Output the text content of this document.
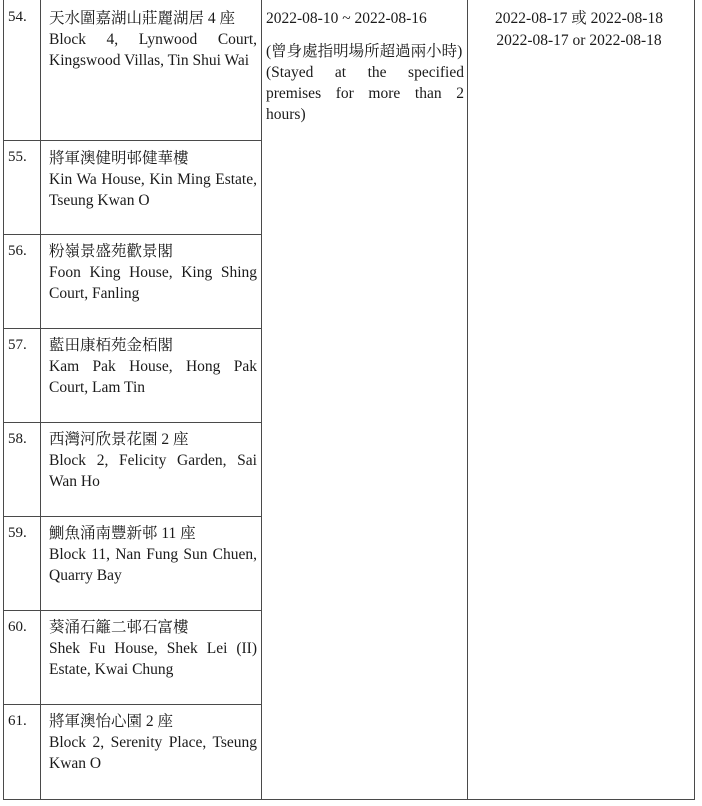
54. 天水圍嘉湖山莊麗湖居 4 座
Block 4, Lynwood Court, Kingswood Villas, Tin Shui Wai
55. 將軍澳健明邨健華樓
Kin Wa House, Kin Ming Estate, Tseung Kwan O
56. 粉嶺景盛苑歡景閣
Foon King House, King Shing Court, Fanling
57. 藍田康栢苑金栢閣
Kam Pak House, Hong Pak Court, Lam Tin
58. 西灣河欣景花園 2 座
Block 2, Felicity Garden, Sai Wan Ho
59. 鰂魚涌南豐新邨 11 座
Block 11, Nan Fung Sun Chuen, Quarry Bay
60. 葵涌石籬二邨石富樓
Shek Fu House, Shek Lei (II) Estate, Kwai Chung
61. 將軍澳怡心園 2 座
Block 2, Serenity Place, Tseung Kwan O
2022-08-10 ~ 2022-08-16
(曾身處指明場所超過兩小時)
(Stayed at the specified premises for more than 2 hours)
2022-08-17 或 2022-08-18
2022-08-17 or 2022-08-18
